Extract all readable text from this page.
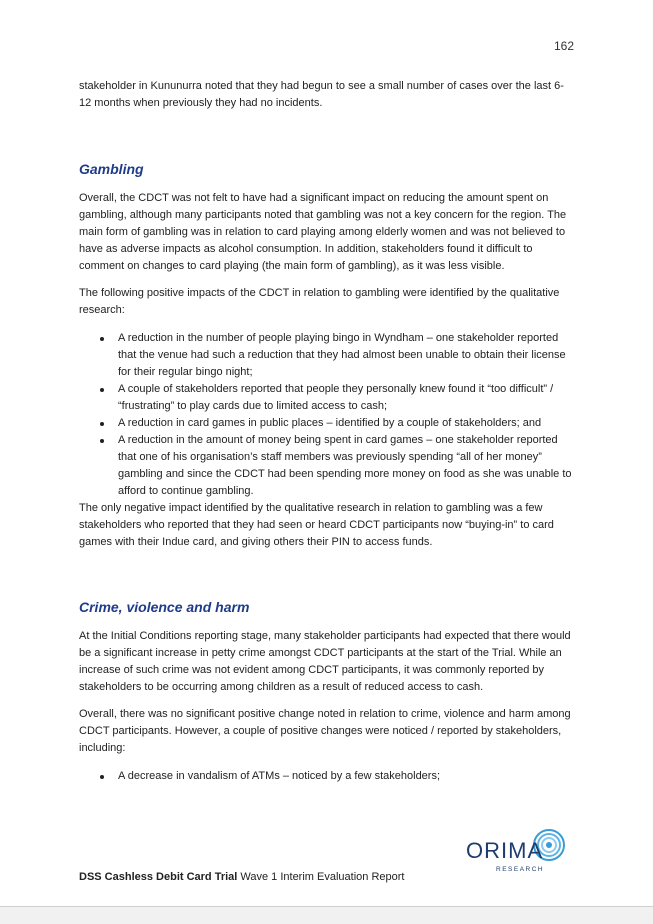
162

stakeholder in Kununurra noted that they had begun to see a small number of cases over the last 6-12 months when previously they had no incidents.

Gambling

Overall, the CDCT was not felt to have had a significant impact on reducing the amount spent on gambling, although many participants noted that gambling was not a key concern for the region. The main form of gambling was in relation to card playing among elderly women and was not believed to have as adverse impacts as alcohol consumption. In addition, stakeholders found it difficult to comment on changes to card playing (the main form of gambling), as it was less visible.

The following positive impacts of the CDCT in relation to gambling were identified by the qualitative research:

A reduction in the number of people playing bingo in Wyndham – one stakeholder reported that the venue had such a reduction that they had almost been unable to obtain their license for their regular bingo night;
A couple of stakeholders reported that people they personally knew found it “too difficult” / “frustrating” to play cards due to limited access to cash;
A reduction in card games in public places – identified by a couple of stakeholders; and
A reduction in the amount of money being spent in card games – one stakeholder reported that one of his organisation’s staff members was previously spending “all of her money” gambling and since the CDCT had been spending more money on food as she was unable to afford to continue gambling.

The only negative impact identified by the qualitative research in relation to gambling was a few stakeholders who reported that they had seen or heard CDCT participants now “buying-in” to card games with their Indue card, and giving others their PIN to access funds.

Crime, violence and harm

At the Initial Conditions reporting stage, many stakeholder participants had expected that there would be a significant increase in petty crime amongst CDCT participants at the start of the Trial. While an increase of such crime was not evident among CDCT participants, it was commonly reported by stakeholders to be occurring among children as a result of reduced access to cash.

Overall, there was no significant positive change noted in relation to crime, violence and harm among CDCT participants. However, a couple of positive changes were noticed / reported by stakeholders, including:

A decrease in vandalism of ATMs – noticed by a few stakeholders;
ORIMA
RESEARCH
DSS Cashless Debit Card Trial Wave 1 Interim Evaluation Report
